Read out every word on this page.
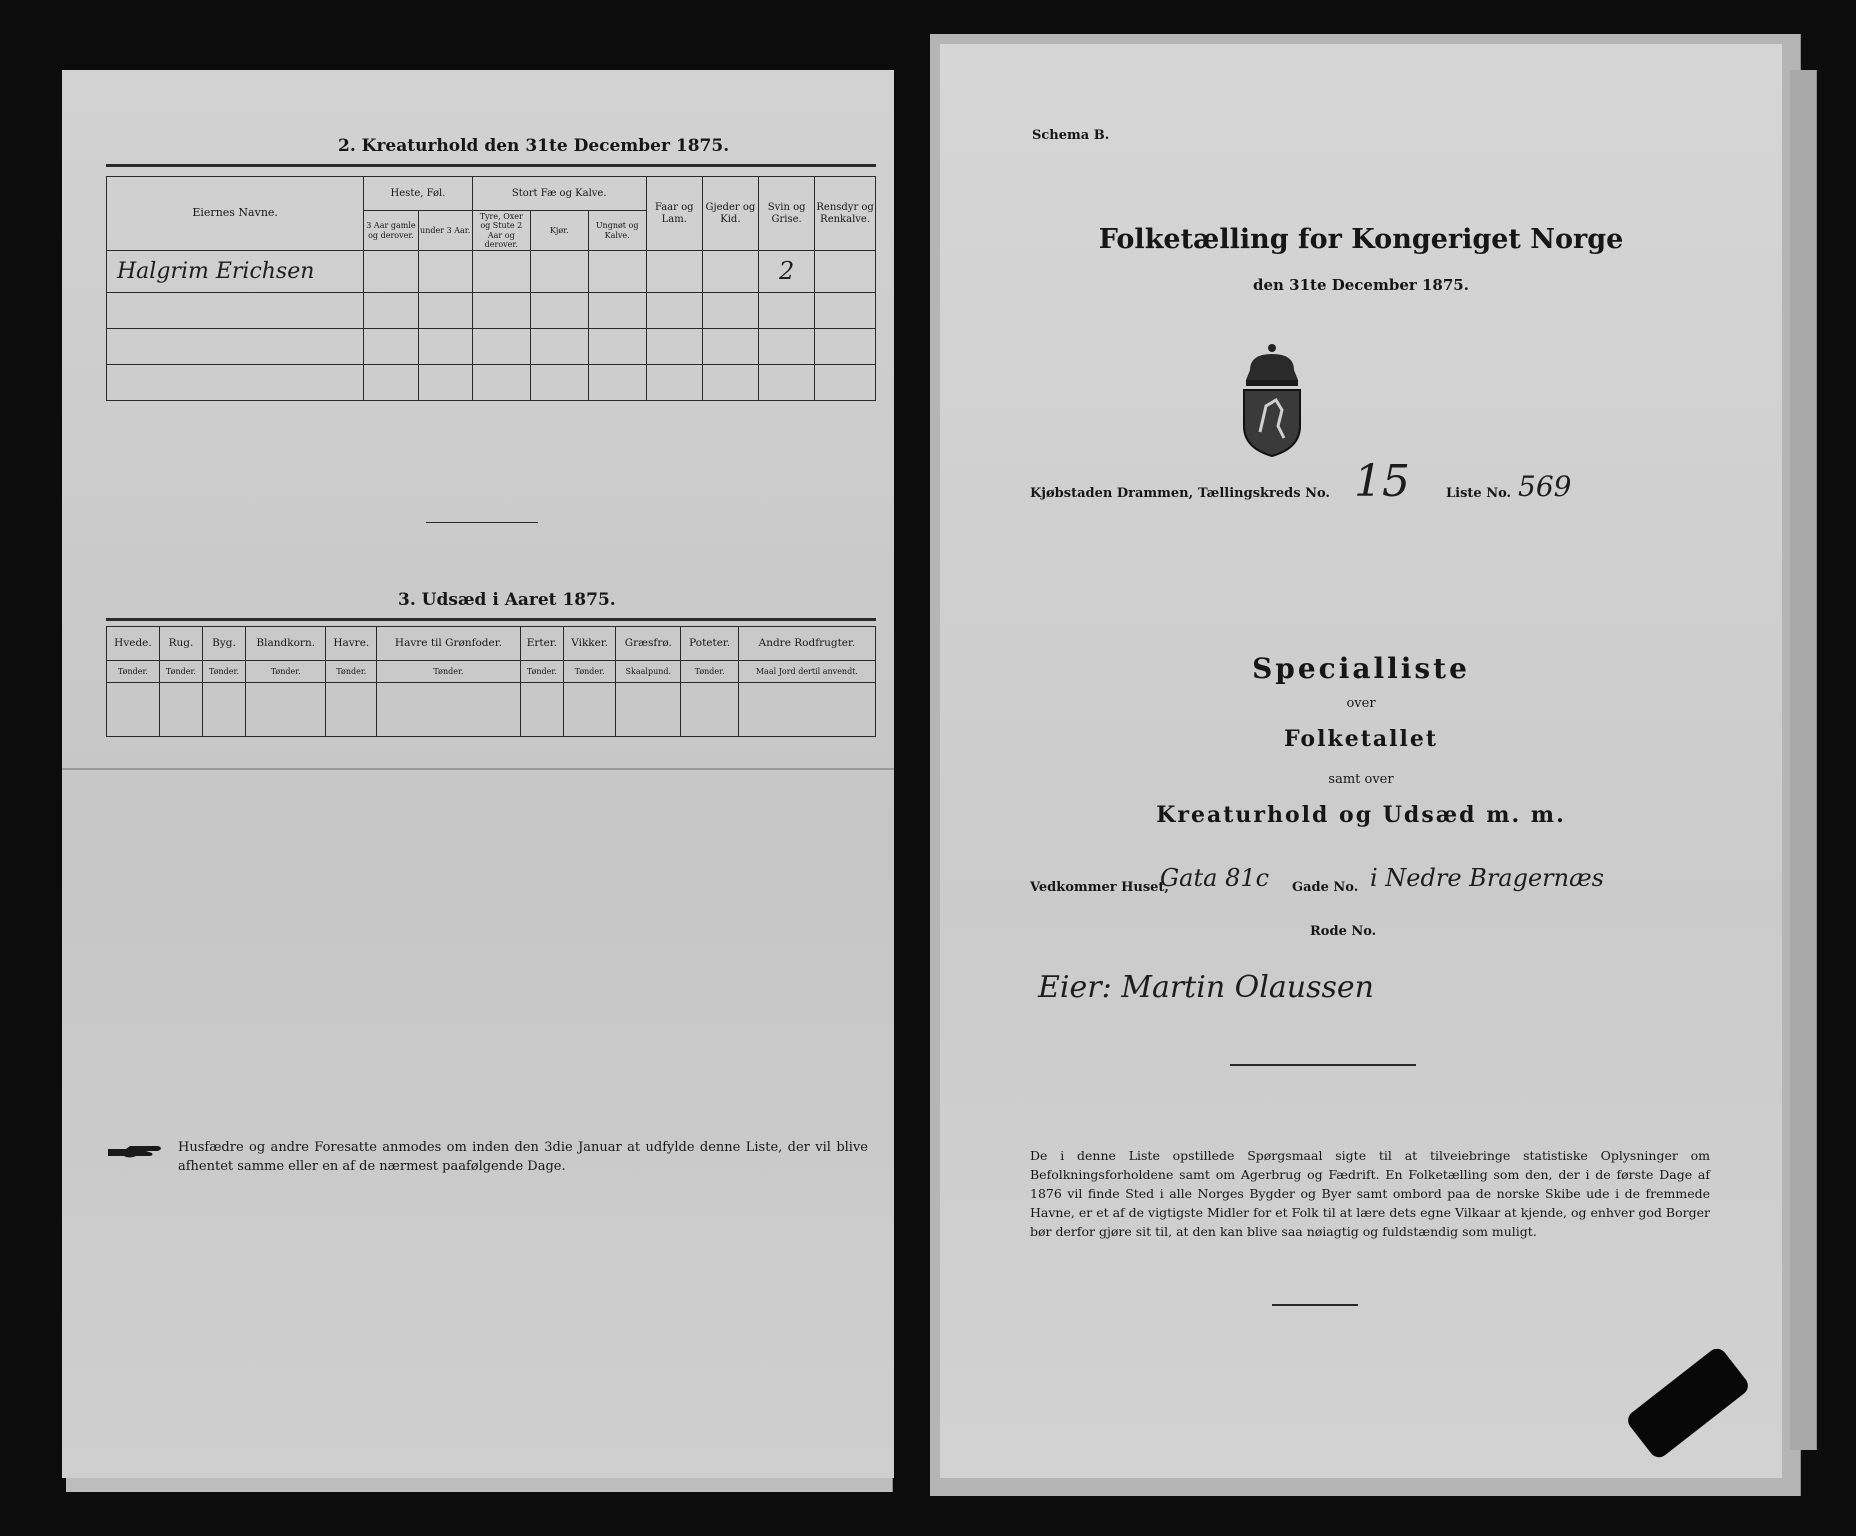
2. Kreaturhold den 31te December 1875.
Eiernes Navne.	Heste, Føl.		Stort Fæ og Kalve.			Faar og Lam.	Gjeder og Kid.	Svin og Grise.	Rensdyr og Renkalve.
	3 Aar gamle og derover.	under 3 Aar.	Tyre, Oxer og Stute 2 Aar og derover.	Kjør.	Ungnøt og Kalve.				
Halgrim Erichsen								2	

3. Udsæd i Aaret 1875.
Hvede.	Rug.	Byg.	Blandkorn.	Havre.	Havre til Grønfoder.	Erter.	Vikker.	Græsfrø.	Poteter.	Andre Rodfrugter.
Tønder.	Tønder.	Tønder.	Tønder.	Tønder.	Tønder.	Tønder.	Tønder.	Skaalpund.	Tønder.	Maal Jord dertil anvendt.

Husfædre og andre Foresatte anmodes om inden den 3die Januar at udfylde denne Liste, der vil blive afhentet samme eller en af de nærmest paafølgende Dage.
Schema B.
Folketælling for Kongeriget Norge
den 31te December 1875.
Kjøbstaden Drammen, Tællingskreds No. 15	Liste No. 569
Specialliste
over
Folketallet
samt over
Kreaturhold og Udsæd m. m.
Vedkommer Huset,
Gata 81c Gade No. i Nedre Bragernæs
Rode No.
Eier: Martin Olaussen
De i denne Liste opstillede Spørgsmaal sigte til at tilveiebringe statistiske Oplysninger om Befolkningsforholdene samt om Agerbrug og Fædrift. En Folketælling som den, der i de første Dage af 1876 vil finde Sted i alle Norges Bygder og Byer samt ombord paa de norske Skibe ude i de fremmede Havne, er et af de vigtigste Midler for et Folk til at lære dets egne Vilkaar at kjende, og enhver god Borger bør derfor gjøre sit til, at den kan blive saa nøiagtig og fuldstændig som muligt.
